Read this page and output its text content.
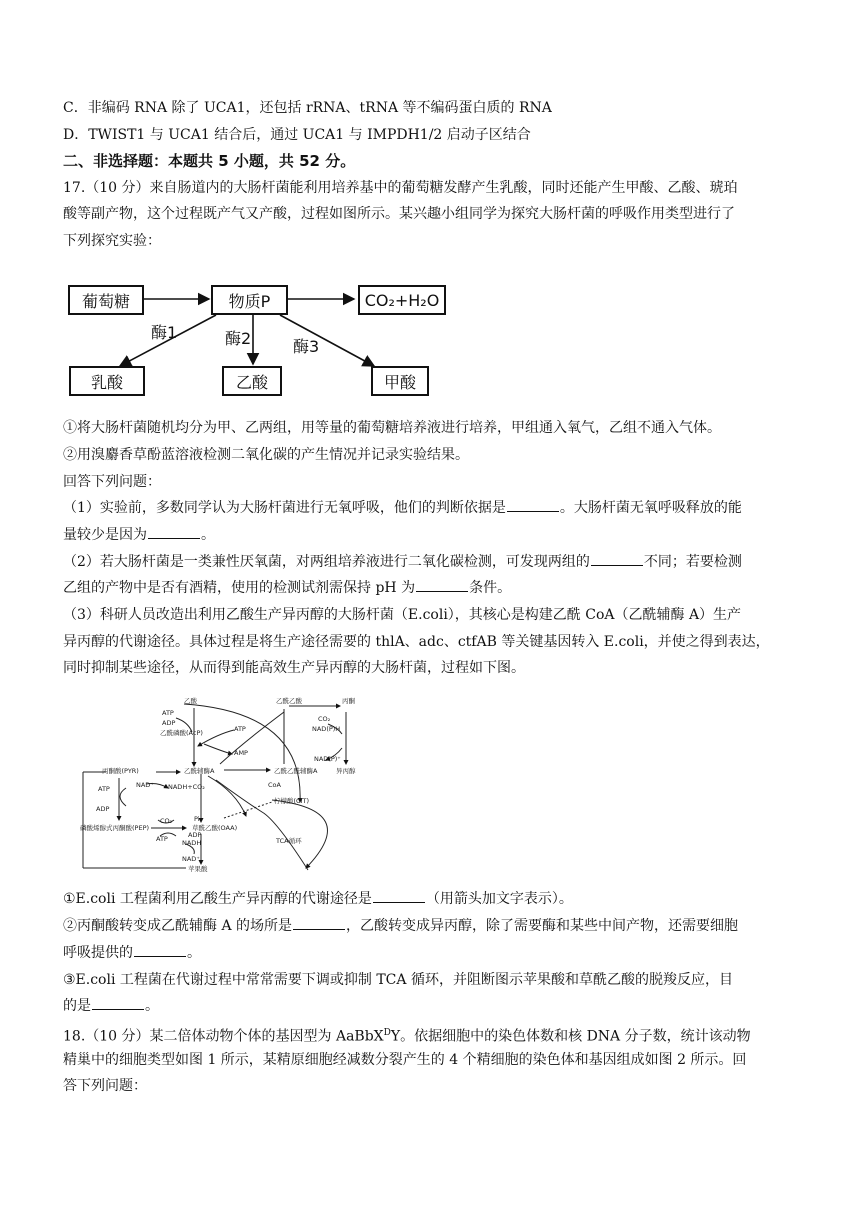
C．非编码 RNA 除了 UCA1，还包括 rRNA、tRNA 等不编码蛋白质的 RNA

D．TWIST1 与 UCA1 结合后，通过 UCA1 与 IMPDH1/2 启动子区结合

二、非选择题：本题共 5 小题，共 52 分。

17.（10 分）来自肠道内的大肠杆菌能利用培养基中的葡萄糖发酵产生乳酸，同时还能产生甲酸、乙酸、琥珀

酸等副产物，这个过程既产气又产酸，过程如图所示。某兴趣小组同学为探究大肠杆菌的呼吸作用类型进行了

下列探究实验：

葡萄糖	物质P	CO₂+H₂O
乳酸	乙酸	甲酸
酶1	酶2	酶3

①将大肠杆菌随机均分为甲、乙两组，用等量的葡萄糖培养液进行培养，甲组通入氧气，乙组不通入气体。

②用溴麝香草酚蓝溶液检测二氧化碳的产生情况并记录实验结果。

回答下列问题：

（1）实验前，多数同学认为大肠杆菌进行无氧呼吸，他们的判断依据是	。大肠杆菌无氧呼吸释放的能

量较少是因为	。

（2）若大肠杆菌是一类兼性厌氧菌，对两组培养液进行二氧化碳检测，可发现两组的	不同；若要检测

乙组的产物中是否有酒精，使用的检测试剂需保持 pH 为	条件。

（3）科研人员改造出利用乙酸生产异丙醇的大肠杆菌（E.coli），其核心是构建乙酰 CoA（乙酰辅酶 A）生产

异丙醇的代谢途径。具体过程是将生产途径需要的 thlA、adc、ctfAB 等关键基因转入 E.coli，并使之得到表达，

同时抑制某些途径，从而得到能高效生产异丙醇的大肠杆菌，过程如下图。

乙酸
ATP
ADP
乙酰磷酸(AcP)	ATP
AMP
乙酰乙酸	丙酮
CO₂
NAD(P)H
NAD(P)⁺
异丙醇
乙酰乙酰辅酶A
CoA
丙酮酸(PYR)	乙酰辅酶A
NAD⁺ NADH+CO₂
ATP
ADP
柠檬酸(CIT)
CO₂	Pi
磷酸烯醇式丙酮酸(PEP)	草酰乙酸(OAA)
ATP	ADP
NADH	TCA循环
NAD⁺
苹果酸

①E.coli 工程菌利用乙酸生产异丙醇的代谢途径是	（用箭头加文字表示）。

②丙酮酸转变成乙酰辅酶 A 的场所是	，乙酸转变成异丙醇，除了需要酶和某些中间产物，还需要细胞

呼吸提供的	。

③E.coli 工程菌在代谢过程中常常需要下调或抑制 TCA 循环，并阻断图示苹果酸和草酰乙酸的脱羧反应，目

的是	。

18.（10 分）某二倍体动物个体的基因型为 AaBbX$^D$Y。依据细胞中的染色体数和核 DNA 分子数，统计该动物

精巢中的细胞类型如图 1 所示，某精原细胞经减数分裂产生的 4 个精细胞的染色体和基因组成如图 2 所示。回

答下列问题：
